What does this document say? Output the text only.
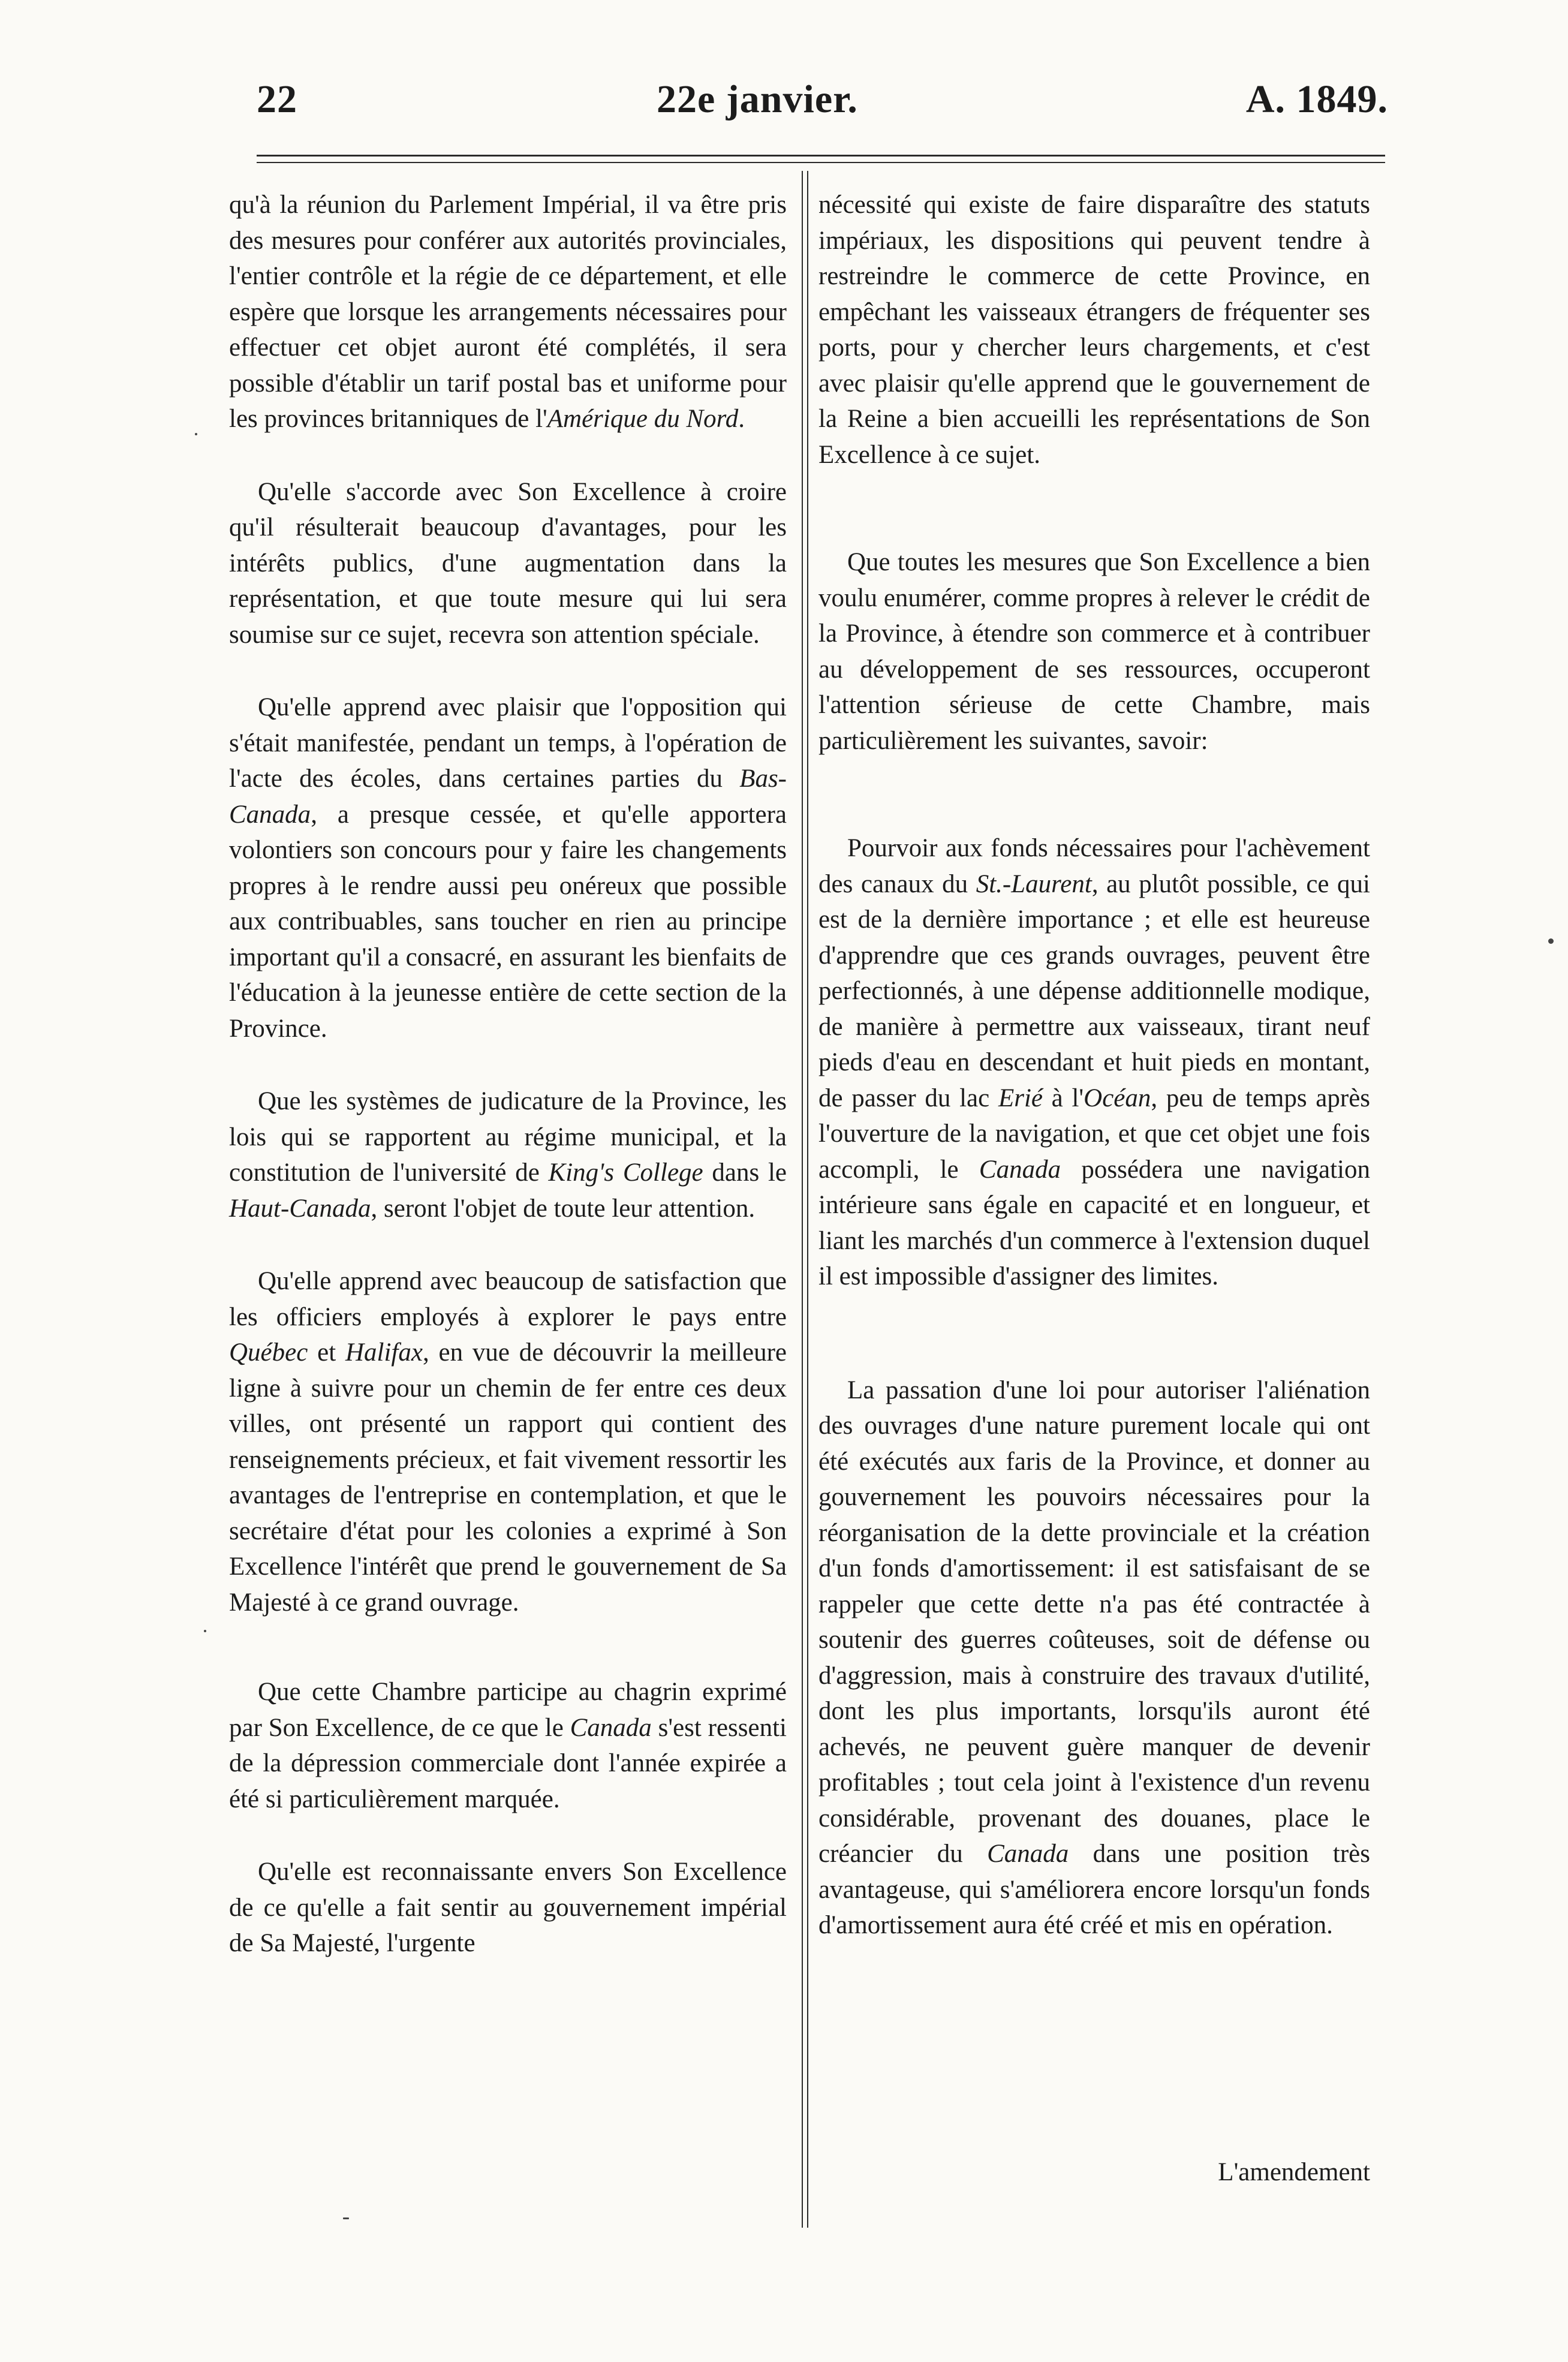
22	22e janvier.	A. 1849.

qu'à la réunion du Parlement Impérial, il va être pris des mesures pour conférer aux autorités provinciales, l'entier contrôle et la régie de ce département, et elle espère que lorsque les arrangements nécessaires pour effectuer cet objet auront été complétés, il sera possible d'établir un tarif postal bas et uniforme pour les provinces britanniques de l'Amérique du Nord.

Qu'elle s'accorde avec Son Excellence à croire qu'il résulterait beaucoup d'avantages, pour les intérêts publics, d'une augmentation dans la représentation, et que toute mesure qui lui sera soumise sur ce sujet, recevra son attention spéciale.

Qu'elle apprend avec plaisir que l'opposition qui s'était manifestée, pendant un temps, à l'opération de l'acte des écoles, dans certaines parties du Bas-Canada, a presque cessée, et qu'elle apportera volontiers son concours pour y faire les changements propres à le rendre aussi peu onéreux que possible aux contribuables, sans toucher en rien au principe important qu'il a consacré, en assurant les bienfaits de l'éducation à la jeunesse entière de cette section de la Province.

Que les systèmes de judicature de la Province, les lois qui se rapportent au régime municipal, et la constitution de l'université de King's College dans le Haut-Canada, seront l'objet de toute leur attention.

Qu'elle apprend avec beaucoup de satisfaction que les officiers employés à explorer le pays entre Québec et Halifax, en vue de découvrir la meilleure ligne à suivre pour un chemin de fer entre ces deux villes, ont présenté un rapport qui contient des renseignements précieux, et fait vivement ressortir les avantages de l'entreprise en contemplation, et que le secrétaire d'état pour les colonies a exprimé à Son Excellence l'intérêt que prend le gouvernement de Sa Majesté à ce grand ouvrage.

Que cette Chambre participe au chagrin exprimé par Son Excellence, de ce que le Canada s'est ressenti de la dépression commerciale dont l'année expirée a été si particulièrement marquée.

Qu'elle est reconnaissante envers Son Excellence de ce qu'elle a fait sentir au gouvernement impérial de Sa Majesté, l'urgente

nécessité qui existe de faire disparaître des statuts impériaux, les dispositions qui peuvent tendre à restreindre le commerce de cette Province, en empêchant les vaisseaux étrangers de fréquenter ses ports, pour y chercher leurs chargements, et c'est avec plaisir qu'elle apprend que le gouvernement de la Reine a bien accueilli les représentations de Son Excellence à ce sujet.

Que toutes les mesures que Son Excellence a bien voulu enumérer, comme propres à relever le crédit de la Province, à étendre son commerce et à contribuer au développement de ses ressources, occuperont l'attention sérieuse de cette Chambre, mais particulièrement les suivantes, savoir:

Pourvoir aux fonds nécessaires pour l'achèvement des canaux du St.-Laurent, au plutôt possible, ce qui est de la dernière importance ; et elle est heureuse d'apprendre que ces grands ouvrages, peuvent être perfectionnés, à une dépense additionnelle modique, de manière à permettre aux vaisseaux, tirant neuf pieds d'eau en descendant et huit pieds en montant, de passer du lac Erié à l'Océan, peu de temps après l'ouverture de la navigation, et que cet objet une fois accompli, le Canada possédera une navigation intérieure sans égale en capacité et en longueur, et liant les marchés d'un commerce à l'extension duquel il est impossible d'assigner des limites.

La passation d'une loi pour autoriser l'aliénation des ouvrages d'une nature purement locale qui ont été exécutés aux faris de la Province, et donner au gouvernement les pouvoirs nécessaires pour la réorganisation de la dette provinciale et la création d'un fonds d'amortissement: il est satisfaisant de se rappeler que cette dette n'a pas été contractée à soutenir des guerres coûteuses, soit de défense ou d'aggression, mais à construire des travaux d'utilité, dont les plus importants, lorsqu'ils auront été achevés, ne peuvent guère manquer de devenir profitables ; tout cela joint à l'existence d'un revenu considérable, provenant des douanes, place le créancier du Canada dans une position très avantageuse, qui s'améliorera encore lorsqu'un fonds d'amortissement aura été créé et mis en opération.

L'amendement
